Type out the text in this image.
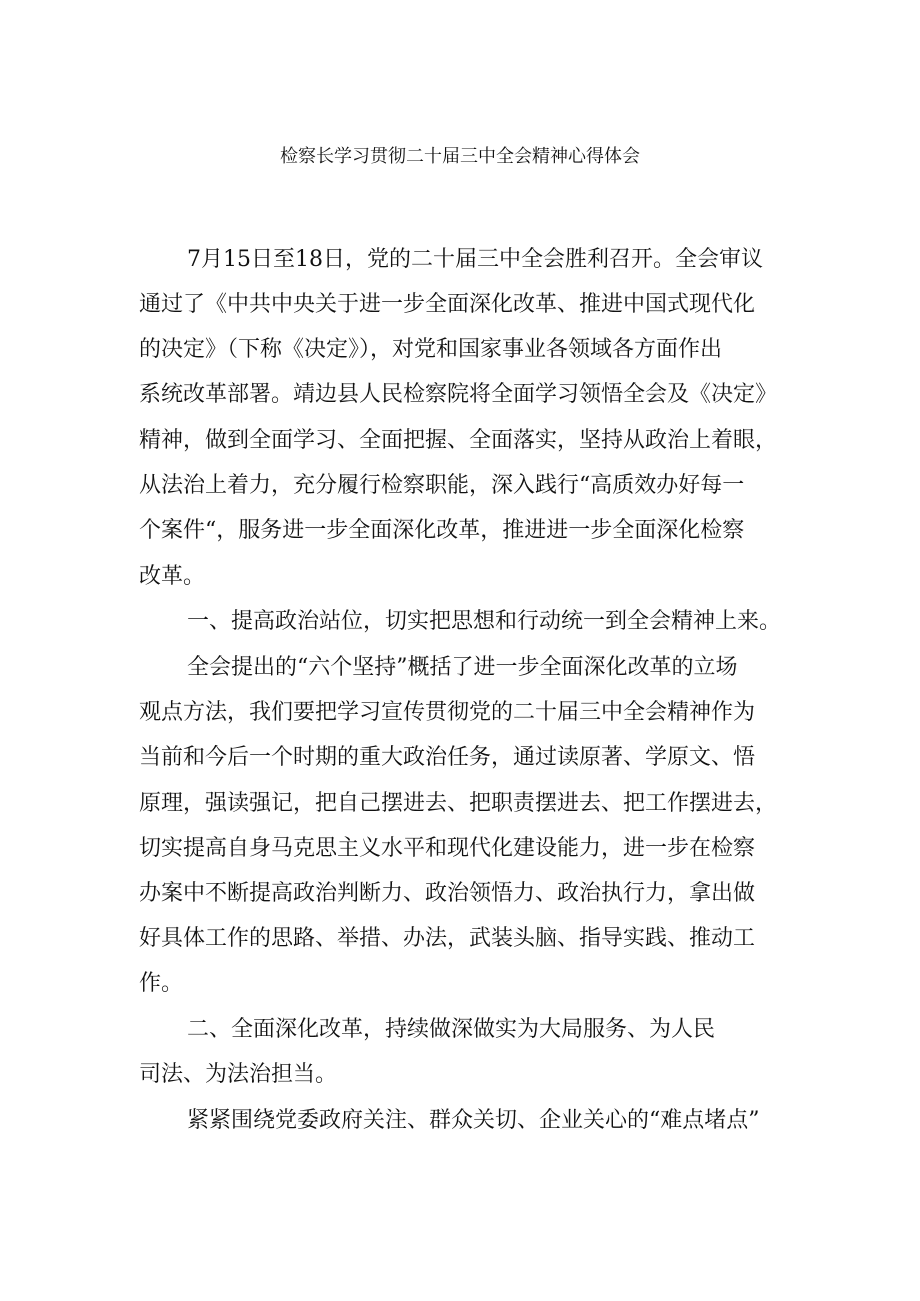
检察长学习贯彻二十届三中全会精神心得体会
7月15日至18日，党的二十届三中全会胜利召开。全会审议
通过了《中共中央关于进一步全面深化改革、推进中国式现代化
的决定》（下称《决定》），对党和国家事业各领域各方面作出
系统改革部署。靖边县人民检察院将全面学习领悟全会及《决定》
精神，做到全面学习、全面把握、全面落实，坚持从政治上着眼，
从法治上着力，充分履行检察职能，深入践行“高质效办好每一
个案件“，服务进一步全面深化改革，推进进一步全面深化检察
改革。
一、提高政治站位，切实把思想和行动统一到全会精神上来。
全会提出的“六个坚持”概括了进一步全面深化改革的立场
观点方法，我们要把学习宣传贯彻党的二十届三中全会精神作为
当前和今后一个时期的重大政治任务，通过读原著、学原文、悟
原理，强读强记，把自己摆进去、把职责摆进去、把工作摆进去，
切实提高自身马克思主义水平和现代化建设能力，进一步在检察
办案中不断提高政治判断力、政治领悟力、政治执行力，拿出做
好具体工作的思路、举措、办法，武装头脑、指导实践、推动工
作。
二、全面深化改革，持续做深做实为大局服务、为人民
司法、为法治担当。
紧紧围绕党委政府关注、群众关切、企业关心的“难点堵点”
